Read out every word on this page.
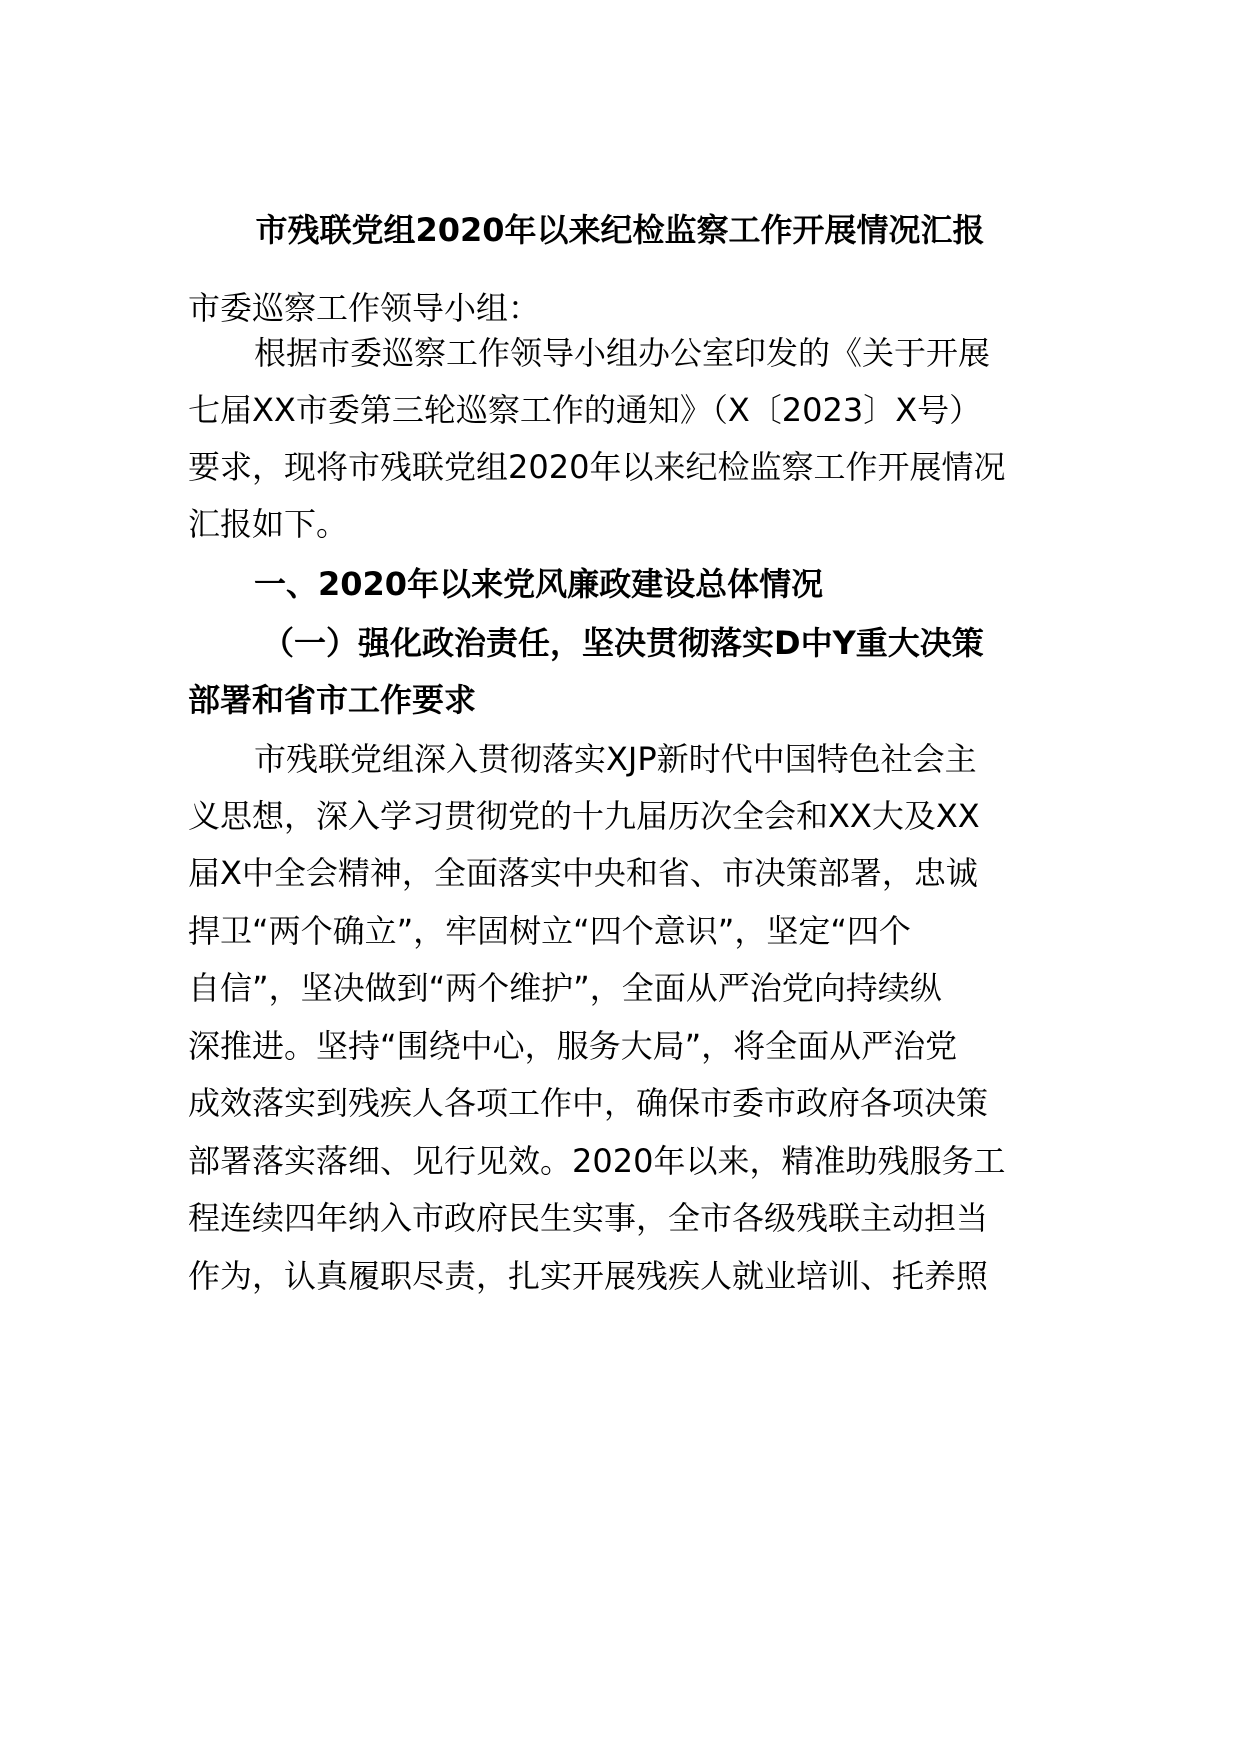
市残联党组2020年以来纪检监察工作开展情况汇报
市委巡察工作领导小组：
根据市委巡察工作领导小组办公室印发的《关于开展
七届XX市委第三轮巡察工作的通知》（X〔2023〕X号）
要求，现将市残联党组2020年以来纪检监察工作开展情况
汇报如下。
一、2020年以来党风廉政建设总体情况
（一）强化政治责任，坚决贯彻落实D中Y重大决策
部署和省市工作要求
市残联党组深入贯彻落实XJP新时代中国特色社会主
义思想，深入学习贯彻党的十九届历次全会和XX大及XX
届X中全会精神，全面落实中央和省、市决策部署，忠诚
捍卫“两个确立”，牢固树立“四个意识”，坚定“四个
自信”，坚决做到“两个维护”，全面从严治党向持续纵
深推进。坚持“围绕中心，服务大局”，将全面从严治党
成效落实到残疾人各项工作中，确保市委市政府各项决策
部署落实落细、见行见效。2020年以来，精准助残服务工
程连续四年纳入市政府民生实事，全市各级残联主动担当
作为，认真履职尽责，扎实开展残疾人就业培训、托养照
